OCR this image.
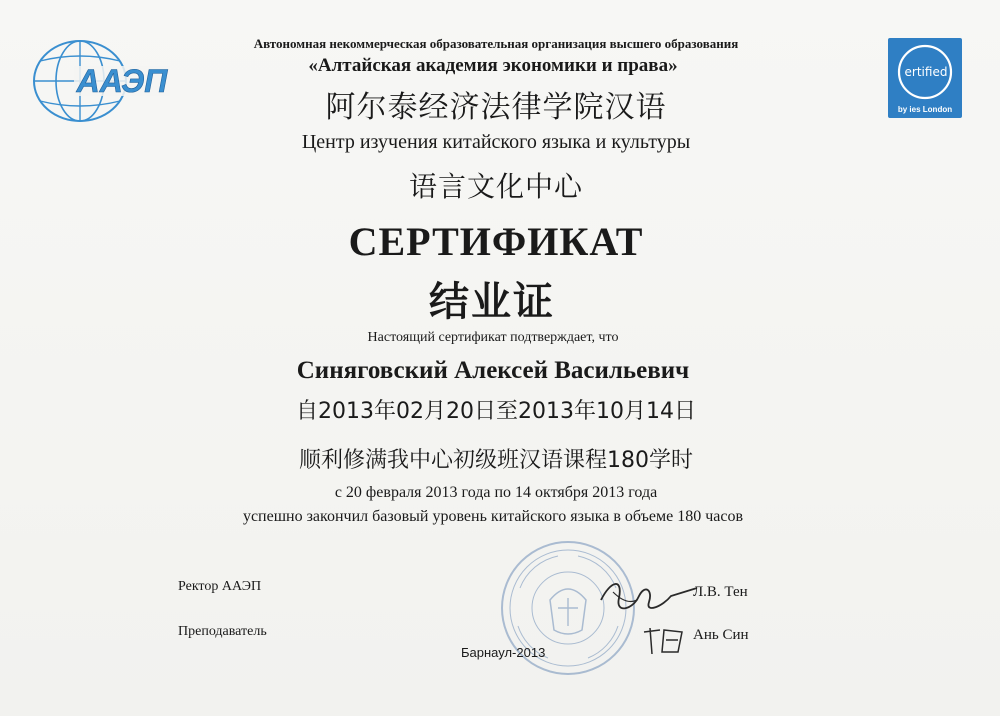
ААЭП	ertified
by ies London
Автономная некоммерческая образовательная организация высшего образования
«Алтайская академия экономики и права»
阿尔泰经济法律学院汉语
Центр изучения китайского языка и культуры
语言文化中心
СЕРТИФИКАТ
结业证
Настоящий сертификат подтверждает, что
Синяговский Алексей Васильевич
自2013年02月20日至2013年10月14日
顺利修满我中心初级班汉语课程180学时
с 20 февраля 2013 года по 14 октября 2013 года
успешно закончил базовый уровень китайского языка в объеме 180 часов
Ректор ААЭП	Л.В. Тен
Преподаватель	Ань Син
Барнаул-2013
